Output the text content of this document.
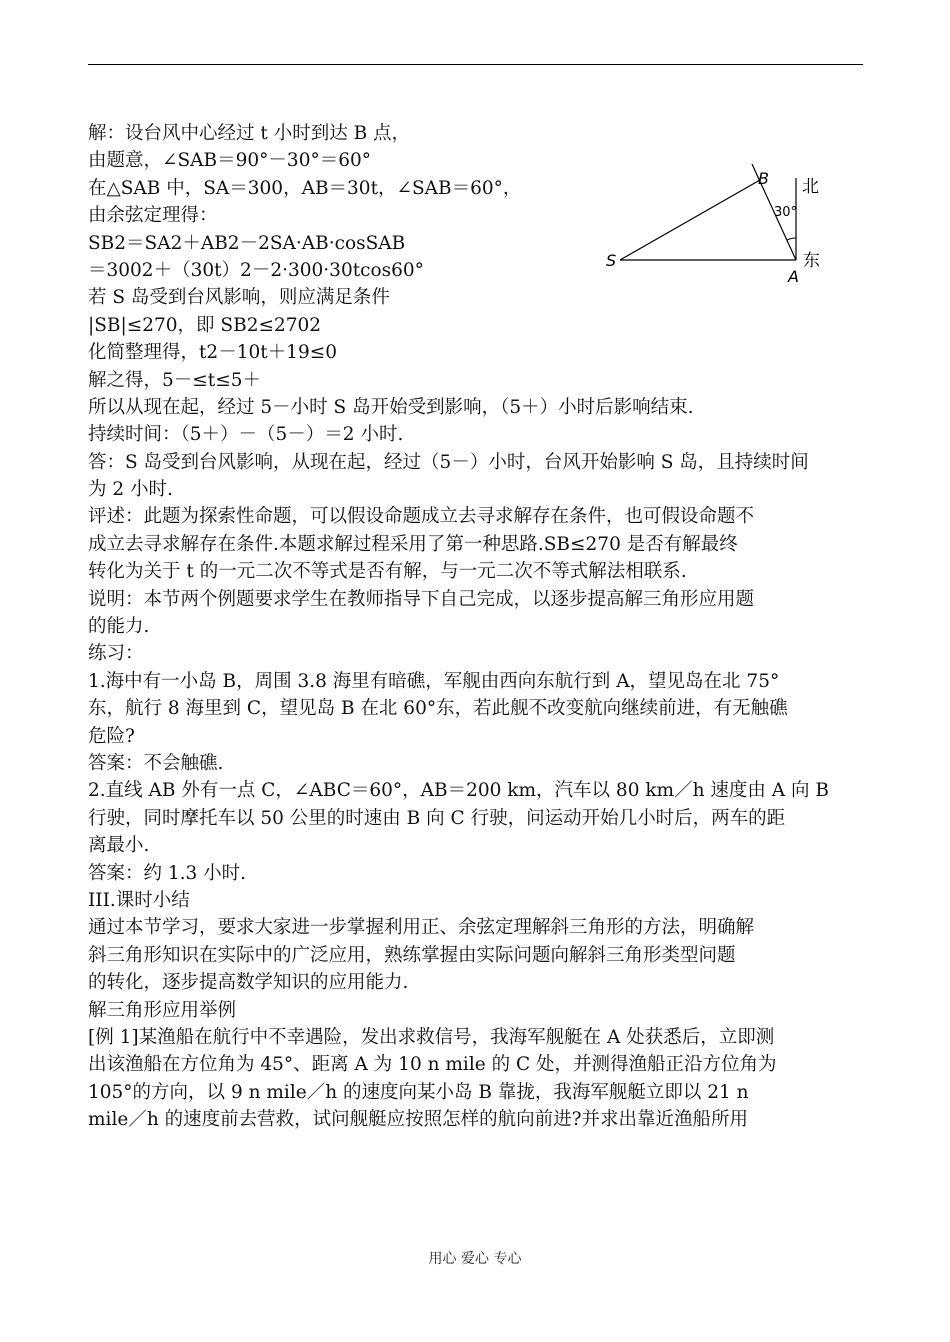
解：设台风中心经过 t 小时到达 B 点，
由题意，∠SAB＝90°－30°＝60°
在△SAB 中，SA＝300，AB＝30t，∠SAB＝60°，
由余弦定理得：
SB2＝SA2＋AB2－2SA·AB·cosSAB
＝3002＋（30t）2－2·300·30tcos60°
若 S 岛受到台风影响，则应满足条件
|SB|≤270，即 SB2≤2702
化简整理得，t2－10t＋19≤0
解之得，5－≤t≤5＋
所以从现在起，经过 5－小时 S 岛开始受到影响，（5＋）小时后影响结束.
持续时间：（5＋）－（5－）＝2 小时.
答：S 岛受到台风影响，从现在起，经过（5－）小时，台风开始影响 S 岛，且持续时间
为 2 小时.
评述：此题为探索性命题，可以假设命题成立去寻求解存在条件，也可假设命题不
成立去寻求解存在条件.本题求解过程采用了第一种思路.SB≤270 是否有解最终
转化为关于 t 的一元二次不等式是否有解，与一元二次不等式解法相联系.
说明：本节两个例题要求学生在教师指导下自己完成，以逐步提高解三角形应用题
的能力.
练习：
1.海中有一小岛 B，周围 3.8 海里有暗礁，军舰由西向东航行到 A，望见岛在北 75°
东，航行 8 海里到 C，望见岛 B 在北 60°东，若此舰不改变航向继续前进，有无触礁
危险?
答案：不会触礁.
2.直线 AB 外有一点 C，∠ABC＝60°，AB＝200 km，汽车以 80 km／h 速度由 A 向 B
行驶，同时摩托车以 50 公里的时速由 B 向 C 行驶，问运动开始几小时后，两车的距
离最小.
答案：约 1.3 小时.
III.课时小结
通过本节学习，要求大家进一步掌握利用正、余弦定理解斜三角形的方法，明确解
斜三角形知识在实际中的广泛应用，熟练掌握由实际问题向解斜三角形类型问题
的转化，逐步提高数学知识的应用能力.
解三角形应用举例
[例 1]某渔船在航行中不幸遇险，发出求救信号，我海军舰艇在 A 处获悉后，立即测
出该渔船在方位角为 45°、距离 A 为 10 n mile 的 C 处，并测得渔船正沿方位角为
105°的方向，以 9 n mile／h 的速度向某小岛 B 靠拢，我海军舰艇立即以 21 n
mile／h 的速度前去营救，试问舰艇应按照怎样的航向前进?并求出靠近渔船所用
S
A
B 北
东
30°
用心 爱心 专心
